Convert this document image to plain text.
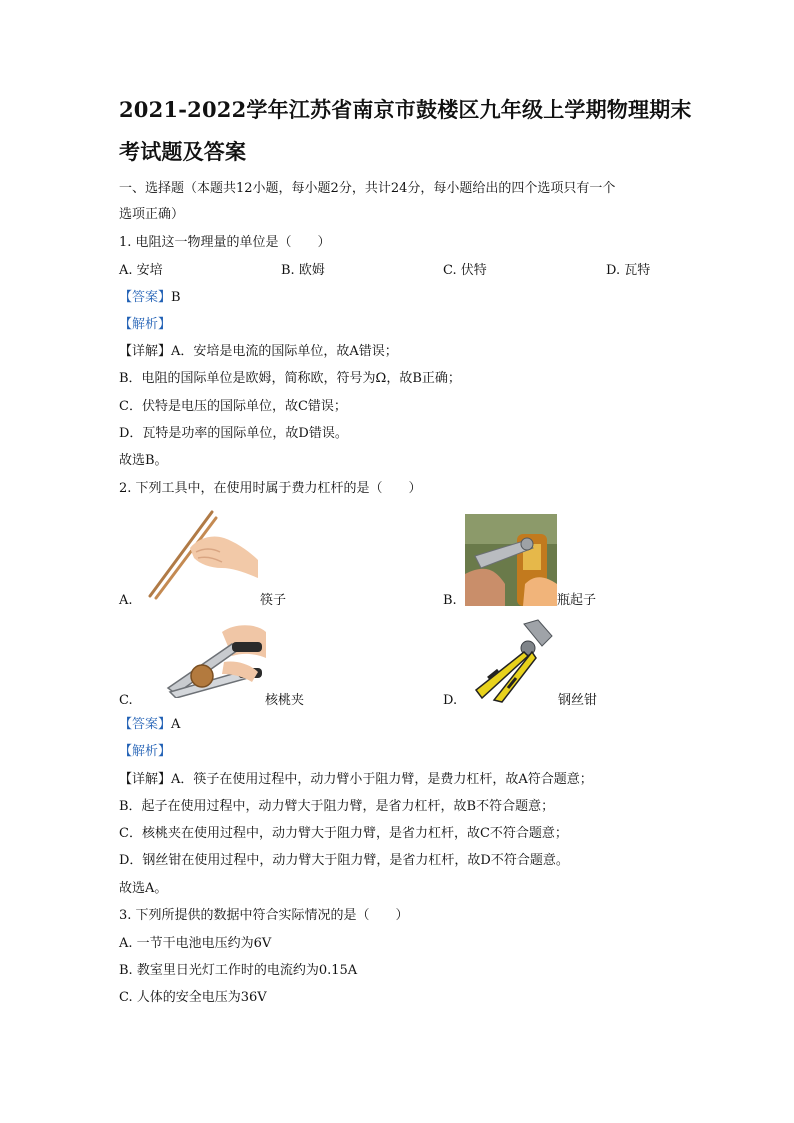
2021-2022学年江苏省南京市鼓楼区九年级上学期物理期末
考试题及答案
一、选择题（本题共12小题，每小题2分，共计24分，每小题给出的四个选项只有一个
选项正确）
1. 电阻这一物理量的单位是（　　）
A. 安培	B. 欧姆	C. 伏特	D. 瓦特
【答案】B
【解析】
【详解】A．安培是电流的国际单位，故A错误；
B．电阻的国际单位是欧姆，简称欧，符号为Ω，故B正确；
C．伏特是电压的国际单位，故C错误；
D．瓦特是功率的国际单位，故D错误。
故选B。
2. 下列工具中，在使用时属于费力杠杆的是（　　）
A.	筷子	B.	瓶起子
C.	核桃夹	D.	钢丝钳
【答案】A
【解析】
【详解】A．筷子在使用过程中，动力臂小于阻力臂，是费力杠杆，故A符合题意；
B．起子在使用过程中，动力臂大于阻力臂，是省力杠杆，故B不符合题意；
C．核桃夹在使用过程中，动力臂大于阻力臂，是省力杠杆，故C不符合题意；
D．钢丝钳在使用过程中，动力臂大于阻力臂，是省力杠杆，故D不符合题意。
故选A。
3. 下列所提供的数据中符合实际情况的是（　　）
A. 一节干电池电压约为6V
B. 教室里日光灯工作时的电流约为0.15A
C. 人体的安全电压为36V
